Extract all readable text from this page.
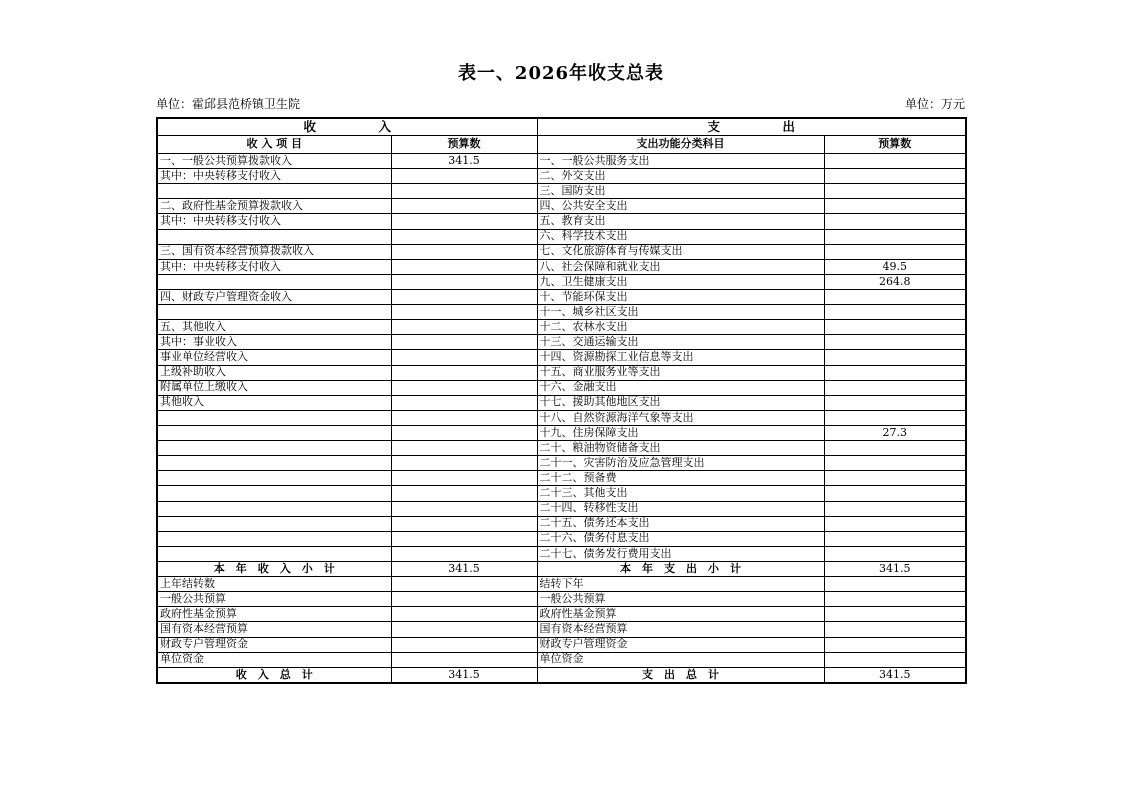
表一、2026年收支总表
单位：霍邱县范桥镇卫生院	单位：万元
收　　　　　入		支　　　　　出	
收 入 项 目	预算数	支出功能分类科目	预算数
一、一般公共预算拨款收入	341.5	一、一般公共服务支出	
其中：中央转移支付收入		二、外交支出	
		三、国防支出	
二、政府性基金预算拨款收入		四、公共安全支出	
其中：中央转移支付收入		五、教育支出	
		六、科学技术支出	
三、国有资本经营预算拨款收入		七、文化旅游体育与传媒支出	
其中：中央转移支付收入		八、社会保障和就业支出	49.5
		九、卫生健康支出	264.8
四、财政专户管理资金收入		十、节能环保支出	
		十一、城乡社区支出	
五、其他收入		十二、农林水支出	
其中：事业收入		十三、交通运输支出	
事业单位经营收入		十四、资源勘探工业信息等支出	
上级补助收入		十五、商业服务业等支出	
附属单位上缴收入		十六、金融支出	
其他收入		十七、援助其他地区支出	
		十八、自然资源海洋气象等支出	
		十九、住房保障支出	27.3
		二十、粮油物资储备支出	
		二十一、灾害防治及应急管理支出	
		二十二、预备费	
		二十三、其他支出	
		二十四、转移性支出	
		二十五、债务还本支出	
		二十六、债务付息支出	
		二十七、债务发行费用支出	
本　年　收　入　小　计	341.5	本　年　支　出　小　计	341.5
上年结转数		结转下年	
一般公共预算		一般公共预算	
政府性基金预算		政府性基金预算	
国有资本经营预算		国有资本经营预算	
财政专户管理资金		财政专户管理资金	
单位资金		单位资金	
收　入　总　计	341.5	支　出　总　计	341.5
